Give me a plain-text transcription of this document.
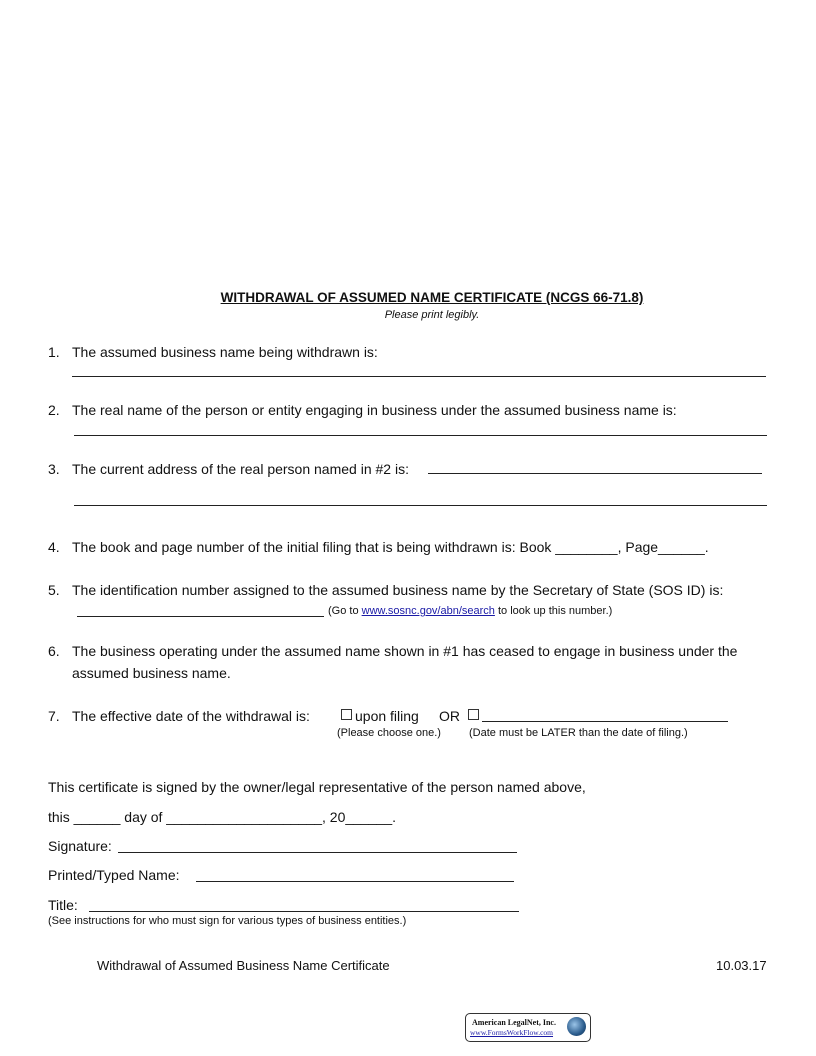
WITHDRAWAL OF ASSUMED NAME CERTIFICATE (NCGS 66-71.8)
Please print legibly.
1. The assumed business name being withdrawn is:
2. The real name of the person or entity engaging in business under the assumed business name is:
3. The current address of the real person named in #2 is:
4. The book and page number of the initial filing that is being withdrawn is: Book ________, Page______.
5. The identification number assigned to the assumed business name by the Secretary of State (SOS ID) is:
(Go to www.sosnc.gov/abn/search to look up this number.)
6. The business operating under the assumed name shown in #1 has ceased to engage in business under the
assumed business name.
7. The effective date of the withdrawal is:	upon filing OR
(Please choose one.)	(Date must be LATER than the date of filing.)
This certificate is signed by the owner/legal representative of the person named above,
this ______ day of ____________________, 20______.
Signature:
Printed/Typed Name:
Title:
(See instructions for who must sign for various types of business entities.)
Withdrawal of Assumed Business Name Certificate	10.03.17
American LegalNet, Inc.
www.FormsWorkFlow.com
